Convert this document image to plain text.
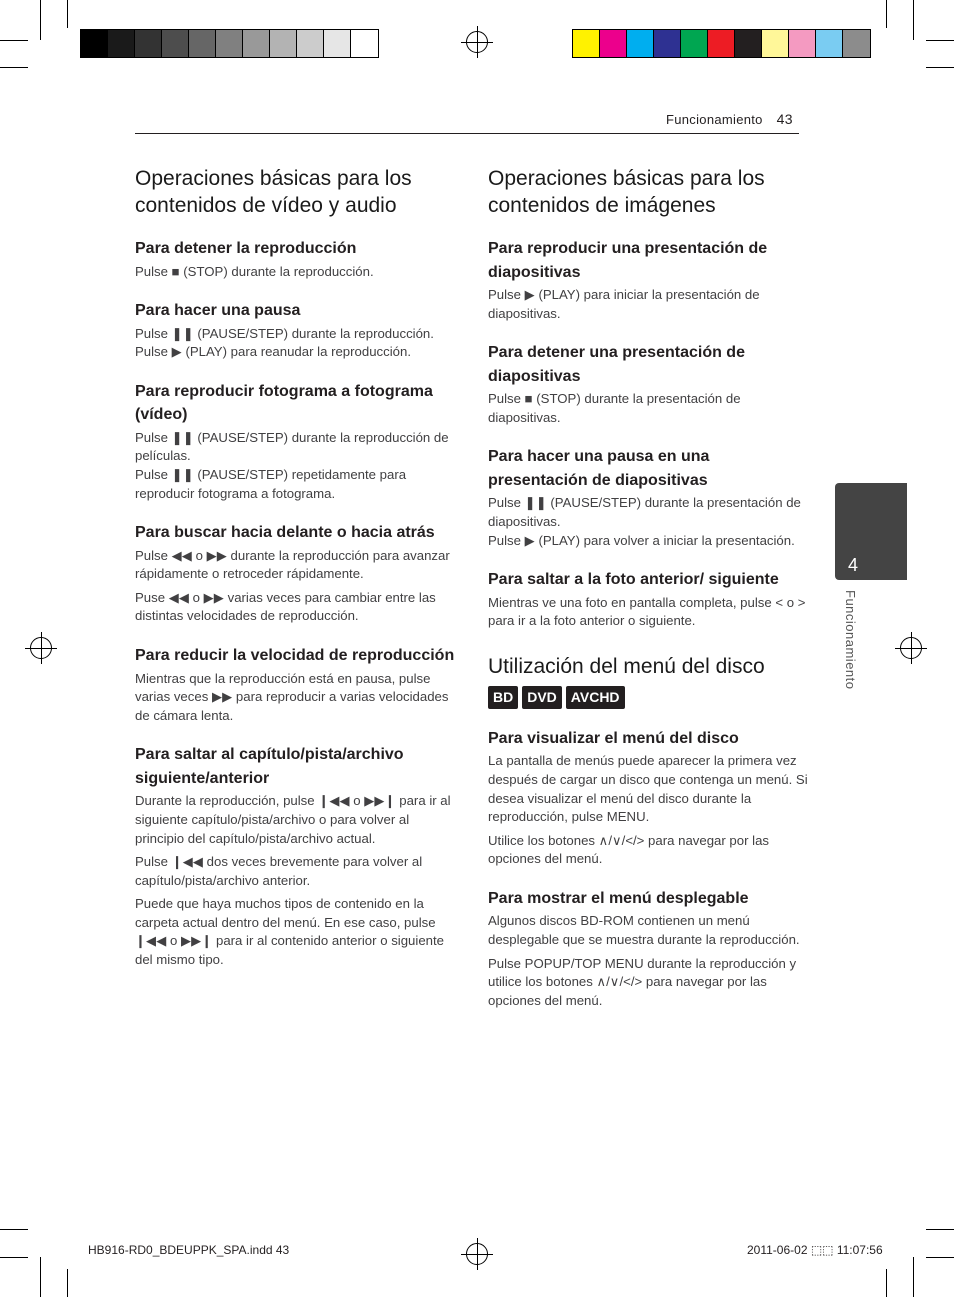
Funcionamiento 43
4
Funcionamiento
Operaciones básicas para los
contenidos de vídeo y audio
Para detener la reproducción

Pulse ■ (STOP) durante la reproducción.

Para hacer una pausa

Pulse ❚❚ (PAUSE/STEP) durante la reproducción.
Pulse ▶ (PLAY) para reanudar la reproducción.

Para reproducir fotograma a fotograma (vídeo)

Pulse ❚❚ (PAUSE/STEP) durante la reproducción de películas.
Pulse ❚❚ (PAUSE/STEP) repetidamente para reproducir fotograma a fotograma.

Para buscar hacia delante o hacia atrás

Pulse ◀◀ o ▶▶ durante la reproducción para avanzar rápidamente o retroceder rápidamente.

Puse ◀◀ o ▶▶ varias veces para cambiar entre las distintas velocidades de reproducción.

Para reducir la velocidad de reproducción

Mientras que la reproducción está en pausa, pulse varias veces ▶▶ para reproducir a varias velocidades de cámara lenta.

Para saltar al capítulo/pista/archivo siguiente/anterior

Durante la reproducción, pulse ❙◀◀ o ▶▶❙ para ir al siguiente capítulo/pista/archivo o para volver al principio del capítulo/pista/archivo actual.

Pulse ❙◀◀ dos veces brevemente para volver al capítulo/pista/archivo anterior.

Puede que haya muchos tipos de contenido en la carpeta actual dentro del menú. En ese caso, pulse ❙◀◀ o ▶▶❙ para ir al contenido anterior o siguiente del mismo tipo.

Operaciones básicas para los
contenidos de imágenes
Para reproducir una presentación de diapositivas

Pulse ▶ (PLAY) para iniciar la presentación de diapositivas.

Para detener una presentación de diapositivas

Pulse ■ (STOP) durante la presentación de diapositivas.

Para hacer una pausa en una presentación de diapositivas

Pulse ❚❚ (PAUSE/STEP) durante la presentación de diapositivas.
Pulse ▶ (PLAY) para volver a iniciar la presentación.

Para saltar a la foto anterior/ siguiente

Mientras ve una foto en pantalla completa, pulse < o > para ir a la foto anterior o siguiente.

Utilización del menú del disco
BD DVD AVCHD
Para visualizar el menú del disco

La pantalla de menús puede aparecer la primera vez después de cargar un disco que contenga un menú. Si desea visualizar el menú del disco durante la reproducción, pulse MENU.

Utilice los botones ∧/∨/</> para navegar por las opciones del menú.

Para mostrar el menú desplegable

Algunos discos BD-ROM contienen un menú desplegable que se muestra durante la reproducción.

Pulse POPUP/TOP MENU durante la reproducción y utilice los botones ∧/∨/</> para navegar por las opciones del menú.

HB916-RD0_BDEUPPK_SPA.indd 43	2011-06-02 ⬚⬚ 11:07:56
